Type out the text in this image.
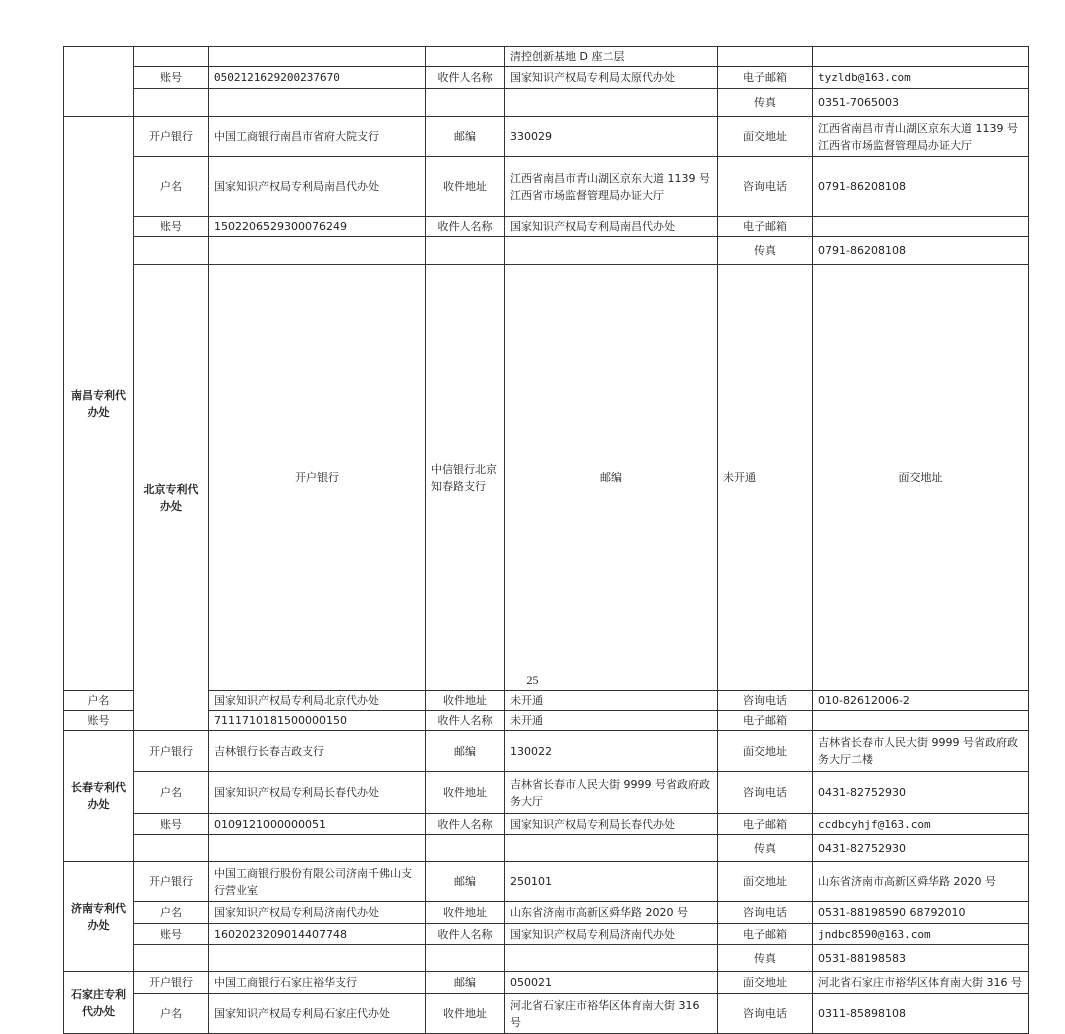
				清控创新基地 D 座二层			
	账号	0502121629200237670	收件人名称	国家知识产权局专利局太原代办处	电子邮箱	tyzldb@163.com	
					传真	0351-7065003	
南昌专利代办处	开户银行	中国工商银行南昌市省府大院支行	邮编	330029	面交地址	江西省南昌市青山湖区京东大道 1139 号江西省市场监督管理局办证大厅	
	户名	国家知识产权局专利局南昌代办处	收件地址	江西省南昌市青山湖区京东大道 1139 号江西省市场监督管理局办证大厅	咨询电话	0791-86208108	
	账号	1502206529300076249	收件人名称	国家知识产权局专利局南昌代办处	电子邮箱		
					传真	0791-86208108	
	北京专利代办处	开户银行	中信银行北京知春路支行	邮编	未开通	面交地址	
户名		国家知识产权局专利局北京代办处	收件地址	未开通	咨询电话	010-82612006-2	
账号		7111710181500000150	收件人名称	未开通	电子邮箱		
长春专利代办处	开户银行	吉林银行长春吉政支行	邮编	130022	面交地址	吉林省长春市人民大街 9999 号省政府政务大厅二楼	
	户名	国家知识产权局专利局长春代办处	收件地址	吉林省长春市人民大街 9999 号省政府政务大厅	咨询电话	0431-82752930	
	账号	0109121000000051	收件人名称	国家知识产权局专利局长春代办处	电子邮箱	ccdbcyhjf@163.com	
					传真	0431-82752930	
济南专利代办处	开户银行	中国工商银行股份有限公司济南千佛山支行营业室	邮编	250101	面交地址	山东省济南市高新区舜华路 2020 号	
	户名	国家知识产权局专利局济南代办处	收件地址	山东省济南市高新区舜华路 2020 号	咨询电话	0531-88198590 68792010	
	账号	1602023209014407748	收件人名称	国家知识产权局专利局济南代办处	电子邮箱	jndbc8590@163.com	
					传真	0531-88198583	
石家庄专利代办处	开户银行	中国工商银行石家庄裕华支行	邮编	050021	面交地址	河北省石家庄市裕华区体育南大街 316 号	
	户名	国家知识产权局专利局石家庄代办处	收件地址	河北省石家庄市裕华区体育南大街 316 号	咨询电话	0311-85898108	
25
